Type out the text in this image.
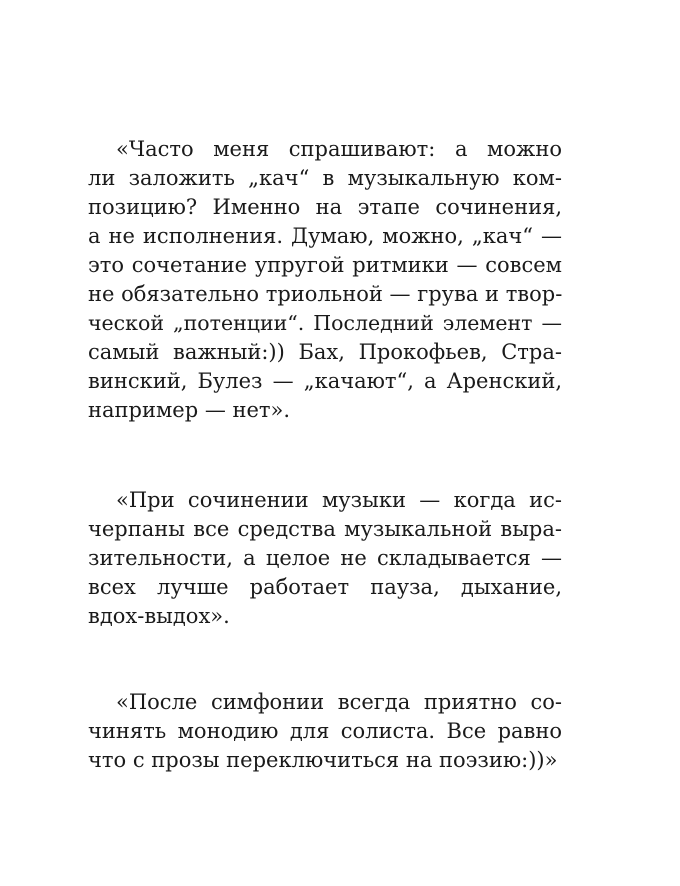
«Часто меня спрашивают: а можно
ли заложить „кач“ в музыкальную ком-
позицию? Именно на этапе сочинения,
а не исполнения. Думаю, можно, „кач“ —
это сочетание упругой ритмики — совсем
не обязательно триольной — грува и твор-
ческой „потенции“. Последний элемент —
самый важный:)) Бах, Прокофьев, Стра-
винский, Булез — „качают“, а Аренский,
например — нет».

«При сочинении музыки — когда ис-
черпаны все средства музыкальной выра-
зительности, а целое не складывается —
всех лучше работает пауза, дыхание,
вдох-выдох».

«После симфонии всегда приятно со-
чинять монодию для солиста. Все равно
что с прозы переключиться на поэзию:))»
